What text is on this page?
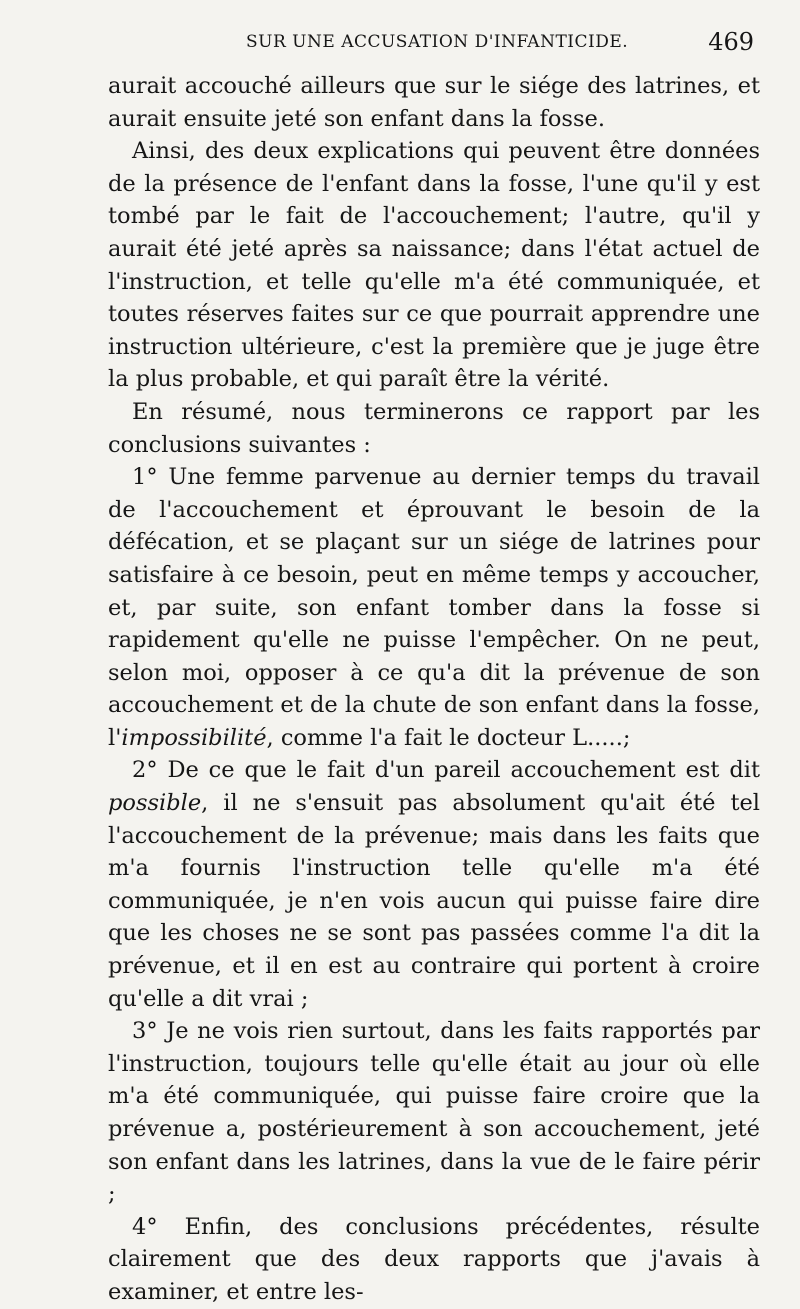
SUR UNE ACCUSATION D'INFANTICIDE.	469

aurait accouché ailleurs que sur le siége des latrines, et aurait ensuite jeté son enfant dans la fosse.

Ainsi, des deux explications qui peuvent être données de la présence de l'enfant dans la fosse, l'une qu'il y est tombé par le fait de l'accouchement; l'autre, qu'il y aurait été jeté après sa naissance; dans l'état actuel de l'instruction, et telle qu'elle m'a été communiquée, et toutes réserves faites sur ce que pourrait apprendre une instruction ultérieure, c'est la première que je juge être la plus probable, et qui paraît être la vérité.

En résumé, nous terminerons ce rapport par les conclusions suivantes :

1° Une femme parvenue au dernier temps du travail de l'accouchement et éprouvant le besoin de la défécation, et se plaçant sur un siége de latrines pour satisfaire à ce besoin, peut en même temps y accoucher, et, par suite, son enfant tomber dans la fosse si rapidement qu'elle ne puisse l'empêcher. On ne peut, selon moi, opposer à ce qu'a dit la prévenue de son accouchement et de la chute de son enfant dans la fosse, l'impossibilité, comme l'a fait le docteur L.....;

2° De ce que le fait d'un pareil accouchement est dit possible, il ne s'ensuit pas absolument qu'ait été tel l'accouchement de la prévenue; mais dans les faits que m'a fournis l'instruction telle qu'elle m'a été communiquée, je n'en vois aucun qui puisse faire dire que les choses ne se sont pas passées comme l'a dit la prévenue, et il en est au contraire qui portent à croire qu'elle a dit vrai ;

3° Je ne vois rien surtout, dans les faits rapportés par l'instruction, toujours telle qu'elle était au jour où elle m'a été communiquée, qui puisse faire croire que la prévenue a, postérieurement à son accouchement, jeté son enfant dans les latrines, dans la vue de le faire périr ;

4° Enfin, des conclusions précédentes, résulte clairement que des deux rapports que j'avais à examiner, et entre les-
